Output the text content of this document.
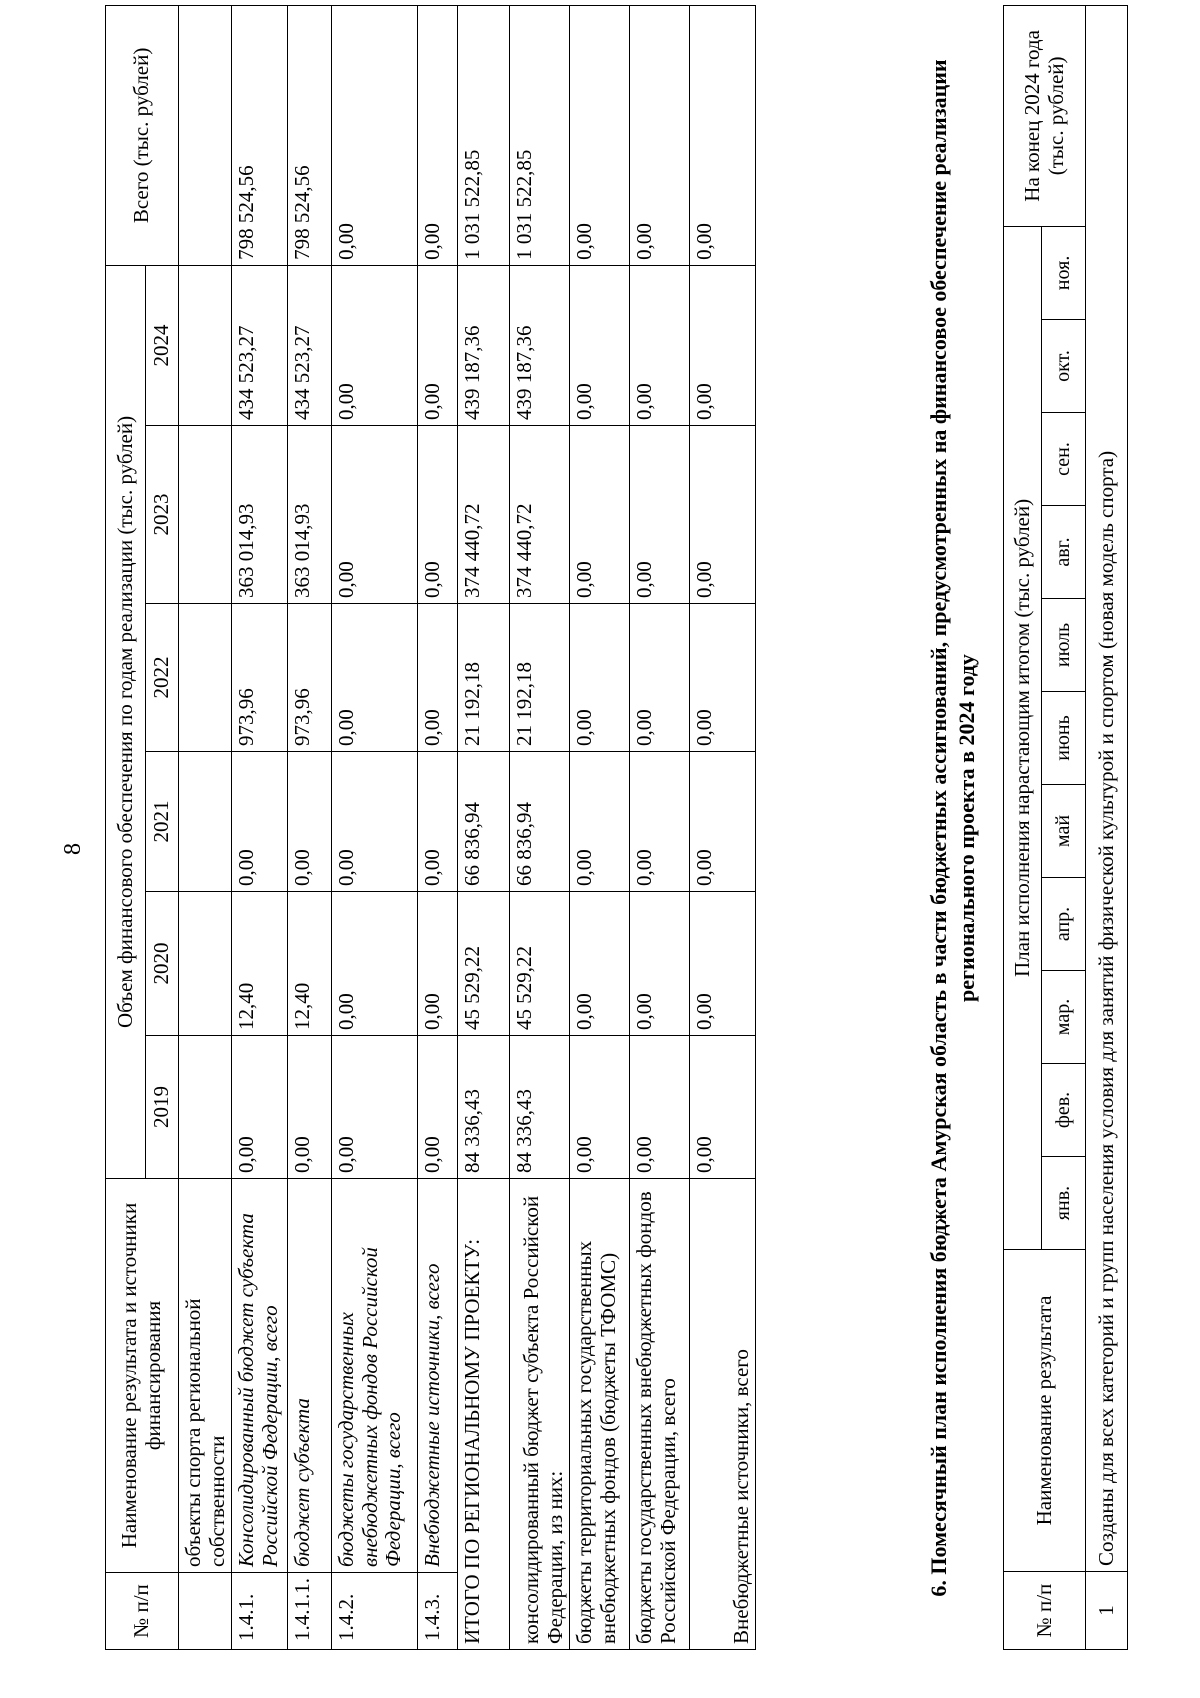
8
№ п/п	Наименование результата и источники финансирования	Объем финансового обеспечения по годам реализации (тыс. рублей)						Всего (тыс. рублей)
		2019	2020	2021	2022	2023	2024	
	объекты спорта региональной собственности							
1.4.1.	Консолидированный бюджет субъекта Российской Федерации, всего	0,00	12,40	0,00	973,96	363 014,93	434 523,27	798 524,56
1.4.1.1.	бюджет субъекта	0,00	12,40	0,00	973,96	363 014,93	434 523,27	798 524,56
1.4.2.	бюджеты государственных внебюджетных фондов Российской Федерации, всего	0,00	0,00	0,00	0,00	0,00	0,00	0,00
1.4.3.	Внебюджетные источники, всего	0,00	0,00	0,00	0,00	0,00	0,00	0,00
ИТОГО ПО РЕГИОНАЛЬНОМУ ПРОЕКТУ:		84 336,43	45 529,22	66 836,94	21 192,18	374 440,72	439 187,36	1 031 522,85
консолидированный бюджет субъекта Российской Федерации, из них:		84 336,43	45 529,22	66 836,94	21 192,18	374 440,72	439 187,36	1 031 522,85
бюджеты территориальных государственных внебюджетных фондов (бюджеты ТФОМС)		0,00	0,00	0,00	0,00	0,00	0,00	0,00
бюджеты государственных внебюджетных фондов Российской Федерации, всего		0,00	0,00	0,00	0,00	0,00	0,00	0,00
Внебюджетные источники, всего		0,00	0,00	0,00	0,00	0,00	0,00	0,00	6. Помесячный план исполнения бюджета Амурская область в части бюджетных ассигнований, предусмотренных на финансовое обеспечение реализации регионального проекта в 2024 году
№ п/п	Наименование результата	План исполнения нарастающим итогом (тыс. рублей)											На конец 2024 года (тыс. рублей)
		янв.	фев.	мар.	апр.	май	июнь	июль	авг.	сен.	окт.	ноя.	
1	Созданы для всех категорий и групп населения условия для занятий физической культурой и спортом (новая модель спорта)												
